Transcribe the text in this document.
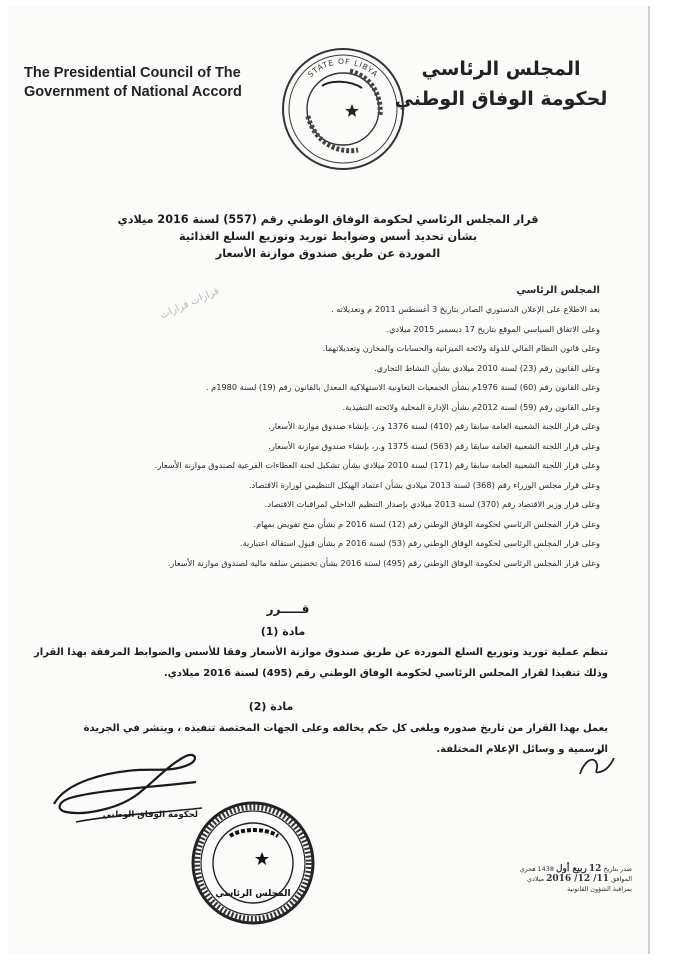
The Presidential Council of The Government of National Accord
المجلس الرئاسي
لحكومة الوفاق الوطني
STATE OF LIBYA
قرار المجلس الرئاسي لحكومة الوفاق الوطني رقم (557) لسنة 2016 ميلادي
بشأن تحديد أسس وضوابط توريد وتوزيع السلع الغذائية
الموردة عن طريق صندوق موازنة الأسعار
قرارات قرارات	المجلس الرئاسي
بعد الاطلاع على الإعلان الدستوري الصادر بتاريخ 3 أغسطس 2011 م وتعديلاته .
وعلى الاتفاق السياسي الموقع بتاريخ 17 ديسمبر 2015 ميلادي.
وعلى قانون النظام المالي للدولة ولائحة الميزانية والحسابات والمخازن وتعديلاتهما.
وعلى القانون رقم (23) لسنة 2010 ميلادي بشأن النشاط التجاري.
وعلى القانون رقم (60) لسنة 1976م بشأن الجمعيات التعاونية الاستهلاكية المعدل بالقانون رقم (19) لسنة 1980م .
وعلى القانون رقم (59) لسنة 2012م بشأن الإدارة المحلية ولائحته التنفيذية.
وعلى قرار اللجنة الشعبية العامة سابقا رقم (410) لسنة 1376 و.ر، بإنشاء صندوق موازنة الأسعار.
وعلى قرار اللجنة الشعبية العامة سابقا رقم (563) لسنة 1375 و.ر، بإنشاء صندوق موازنة الأسعار.
وعلى قرار اللجنة الشعبية العامة سابقا رقم (171) لسنة 2010 ميلادي بشأن تشكيل لجنة العطاءات الفرعية لصندوق موازنة الأسعار.
وعلى قرار مجلس الوزراء رقم (368) لسنة 2013 ميلادي بشأن اعتماد الهيكل التنظيمي لوزارة الاقتصاد.
وعلى قرار وزير الاقتصاد رقم (370) لسنة 2013 ميلادي بإصدار التنظيم الداخلي لمراقبات الاقتصاد.
وعلى قرار المجلس الرئاسي لحكومة الوفاق الوطني رقم (12) لسنة 2016 م بشأن منح تفويض بمهام.
وعلى قرار المجلس الرئاسي لحكومة الوفاق الوطني رقم (53) لسنة 2016 م بشأن قبول استقالة اعتبارية.
وعلى قرار المجلس الرئاسي لحكومة الوفاق الوطني رقم (495) لسنة 2016 بشأن تخصيص سلفة مالية لصندوق موازنة الأسعار.
قـــــرر
مادة (1)
تنظم عملية توريد وتوزيع السلع الموردة عن طريق صندوق موازنة الأسعار وفقا للأسس والضوابط المرفقة بهذا القرار
وذلك تنفيذا لقرار المجلس الرئاسي لحكومة الوفاق الوطني رقم (495) لسنة 2016 ميلادي.
مادة (2)
يعمل بهذا القرار من تاريخ صدوره ويلغى كل حكم يخالفه وعلى الجهات المختصة تنفيذه ، وينشر في الجريدة
الرسمية و وسائل الإعلام المختلفة.
لحكومة الوفاق الوطني
المجلس الرئاسي
صدر بتاريخ 12 ربيع أول 1438 هجري
الموافق 11/ 12/ 2016 ميلادي
بمراقبة الشؤون القانونية
